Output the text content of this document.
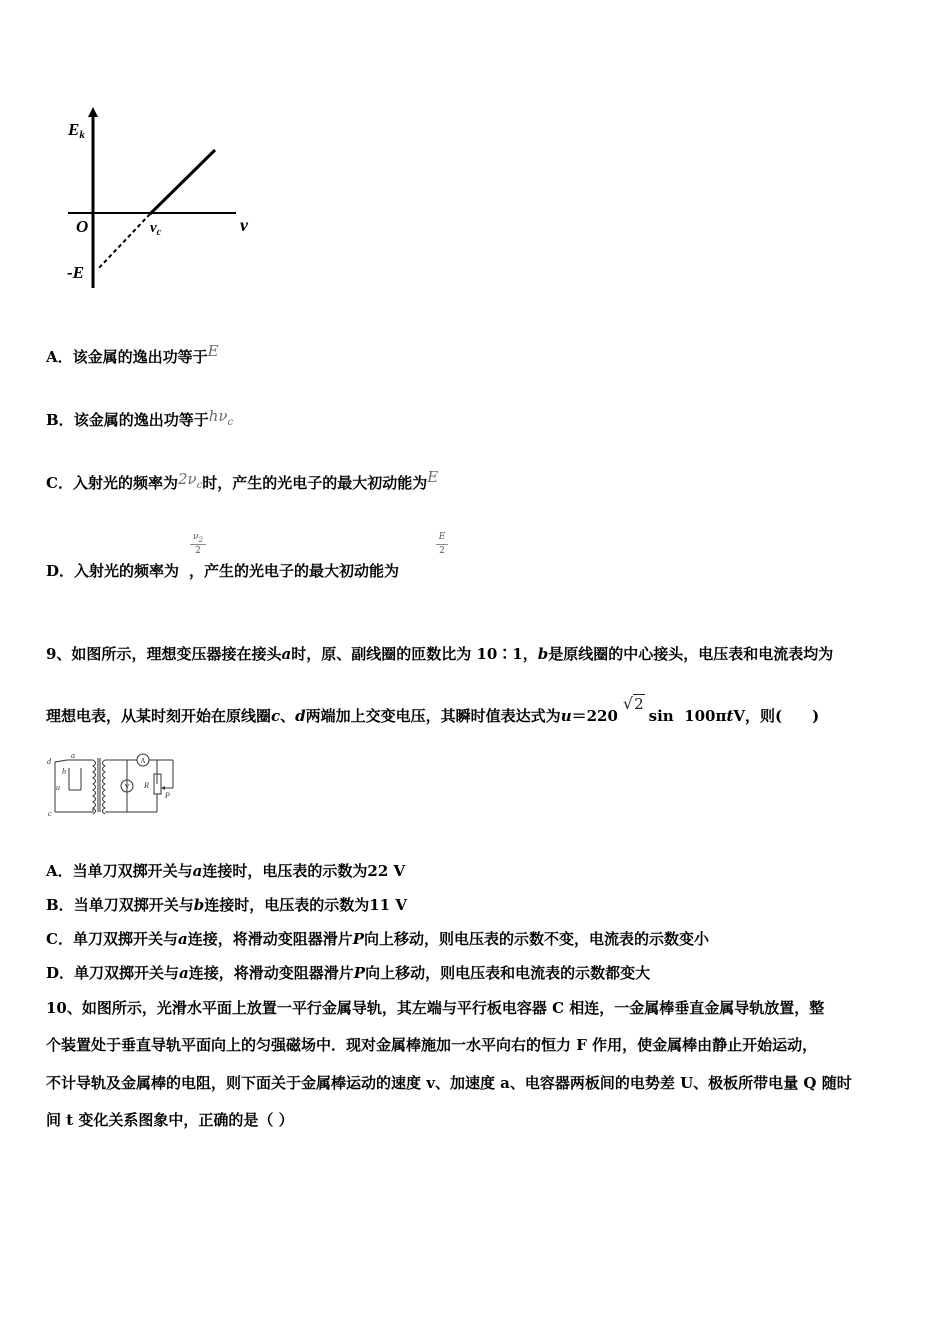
Ek
O	ν
$\nu_c$
-E
A．该金属的逸出功等于E
B．该金属的逸出功等于$h\nu_c$
C．入射光的频率为$2\nu_c$时，产生的光电子的最大初动能为E
D．入射光的频率为 ，产生的光电子的最大初动能为
$\nu_2$
2
E
2
9、如图所示，理想变压器接在接头a时，原、副线圈的匝数比为 10∶1，b是原线圈的中心接头，电压表和电流表均为
理想电表，从某时刻开始在原线圈c、d两端加上交变电压，其瞬时值表达式为u＝220√2sin 100πtV，则(　　)
d
a
b
u
c
R
P
A
V
A．当单刀双掷开关与a连接时，电压表的示数为22 V
B．当单刀双掷开关与b连接时，电压表的示数为11 V
C．单刀双掷开关与a连接，将滑动变阻器滑片P向上移动，则电压表的示数不变，电流表的示数变小
D．单刀双掷开关与a连接，将滑动变阻器滑片P向上移动，则电压表和电流表的示数都变大
10、如图所示，光滑水平面上放置一平行金属导轨，其左端与平行板电容器 C 相连，一金属棒垂直金属导轨放置，整
个装置处于垂直导轨平面向上的匀强磁场中．现对金属棒施加一水平向右的恒力 F 作用，使金属棒由静止开始运动，
不计导轨及金属棒的电阻，则下面关于金属棒运动的速度 v、加速度 a、电容器两板间的电势差 U、极板所带电量 Q 随时
间 t 变化关系图象中，正确的是（ ）
